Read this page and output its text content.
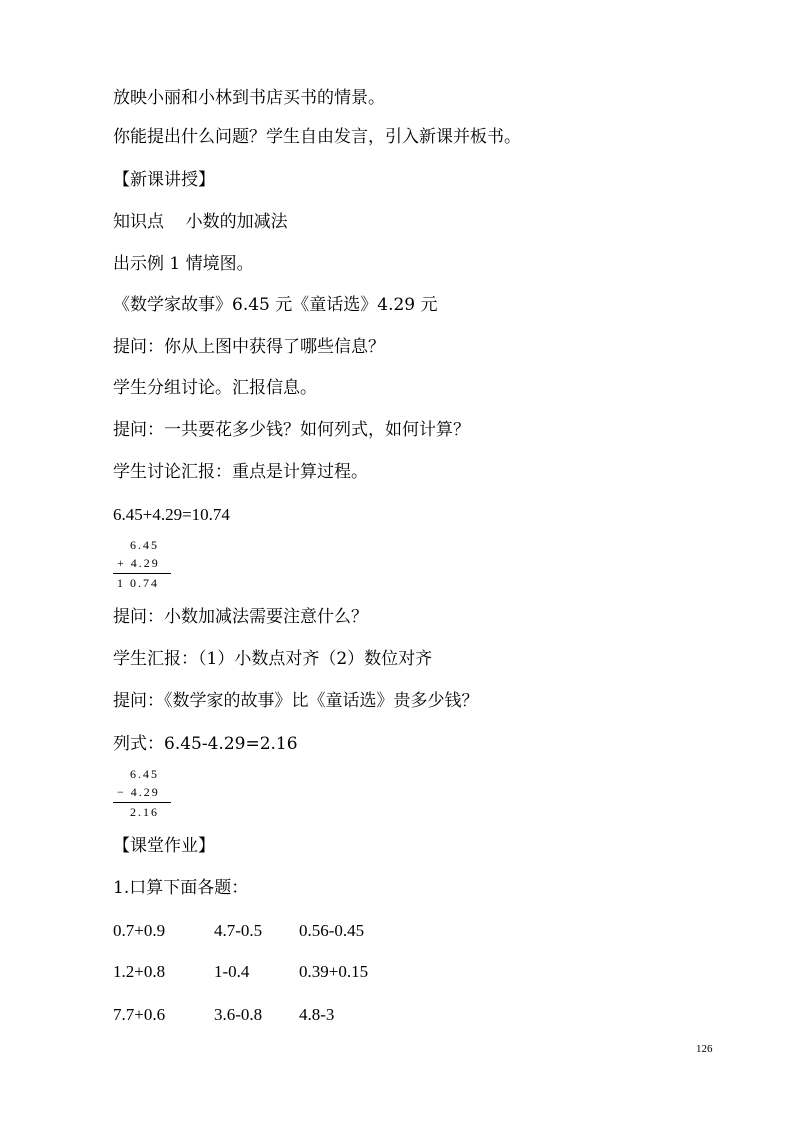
放映小丽和小林到书店买书的情景。
你能提出什么问题？学生自由发言，引入新课并板书。
【新课讲授】
知识点    小数的加减法
出示例 1 情境图。
《数学家故事》6.45 元《童话选》4.29 元
提问：你从上图中获得了哪些信息？
学生分组讨论。汇报信息。
提问：一共要花多少钱？如何列式，如何计算？
学生讨论汇报：重点是计算过程。
6.45+4.29=10.74
6.45
+ 4.29
1 0.74
提问：小数加减法需要注意什么？
学生汇报：（1）小数点对齐（2）数位对齐
提问：《数学家的故事》比《童话选》贵多少钱？
列式：6.45-4.29=2.16
6.45
− 4.29
2.16
【课堂作业】
1.口算下面各题：
0.7+0.9	4.7-0.5 0.56-0.45
1.2+0.8	1-0.4	0.39+0.15
7.7+0.6	3.6-0.8 4.8-3
126
